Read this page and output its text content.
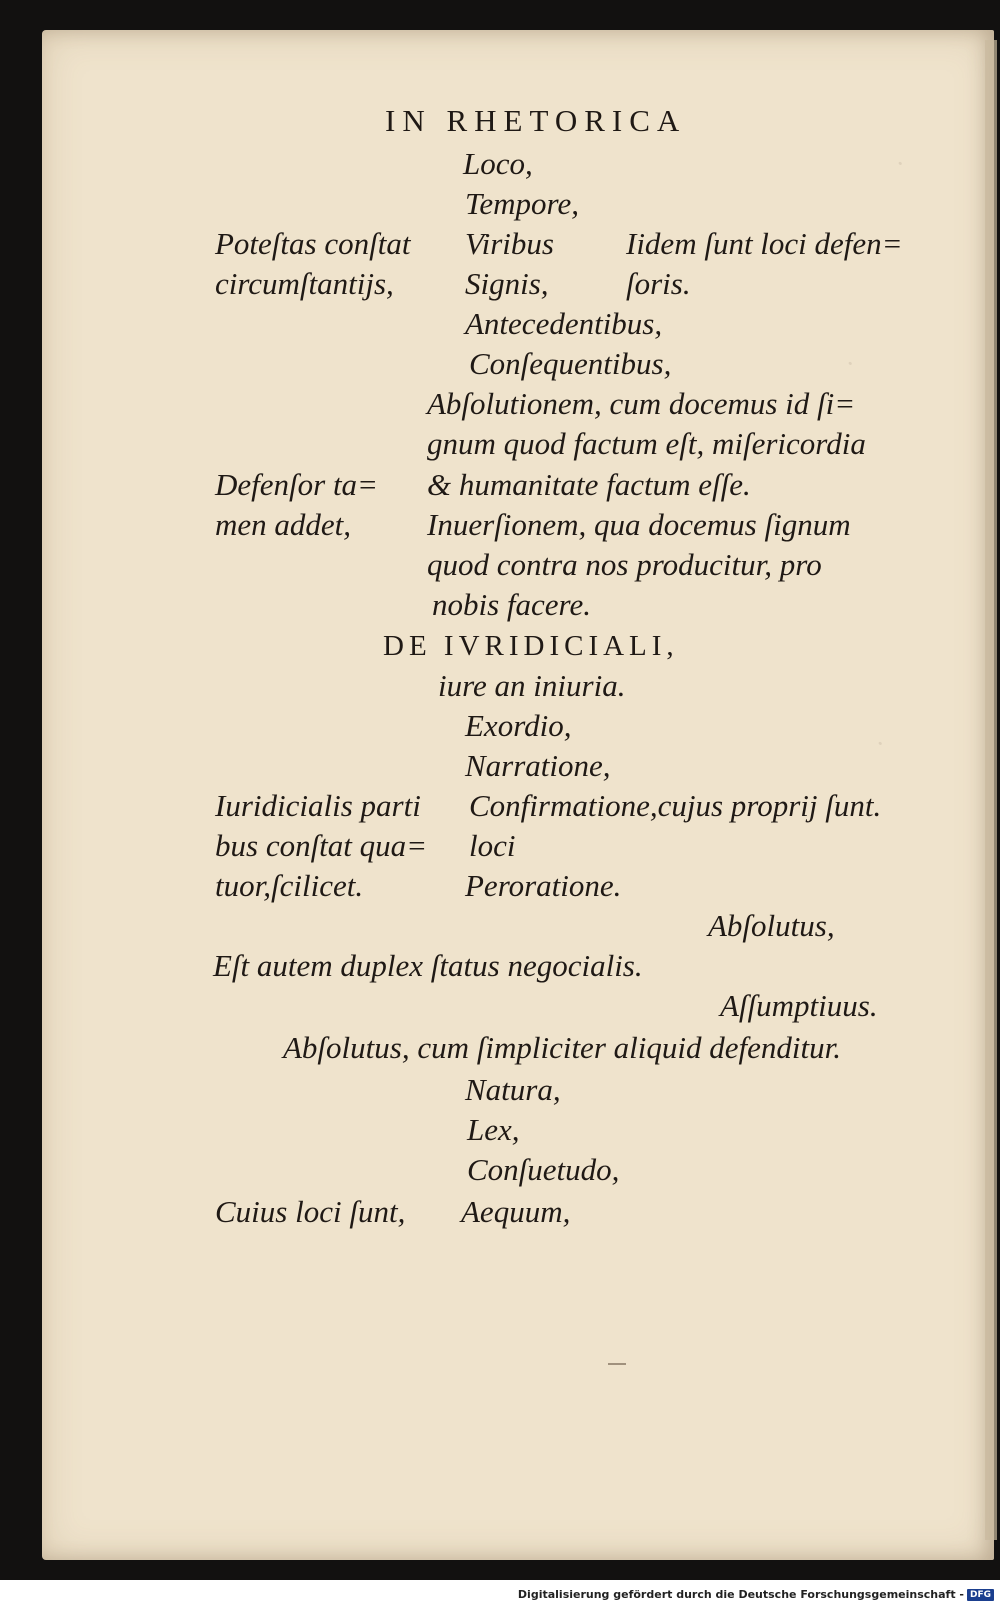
IN RHETORICA
Loco,
Tempore,
Poteſtas conſtat Viribus Iidem ſunt loci defen=
circumſtantijs, Signis, ſoris.
Antecedentibus,
Conſequentibus,
Abſolutionem, cum docemus id ſi=
gnum quod factum eſt, miſericordia
Defenſor ta= & humanitate factum eſſe.
men addet, Inuerſionem, qua docemus ſignum
quod contra nos producitur, pro
nobis facere.
DE IVRIDICIALI,
iure an iniuria.
Exordio,
Narratione,
Iuridicialis parti Confirmatione,cujus proprij ſunt.
bus conſtat qua= loci
tuor,ſcilicet.	Peroratione.
Abſolutus,
Eſt autem duplex ſtatus negocialis.
Aſſumptiuus.
Abſolutus, cum ſimpliciter aliquid defenditur.
Natura,
Lex,
Conſuetudo,
Cuius loci ſunt, Aequum,
Digitalisierung gefördert durch die Deutsche Forschungsgemeinschaft - DFG
